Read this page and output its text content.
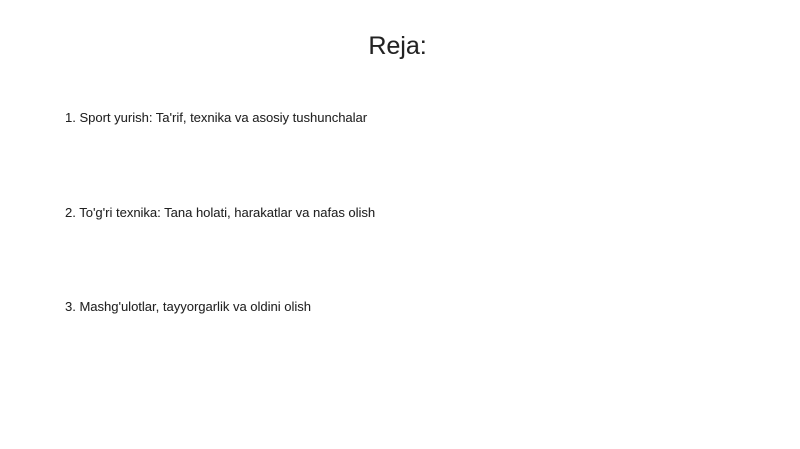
Reja:
1. Sport yurish: Ta'rif, texnika va asosiy tushunchalar
2. To'g'ri texnika: Tana holati, harakatlar va nafas olish
3. Mashg'ulotlar, tayyorgarlik va oldini olish
